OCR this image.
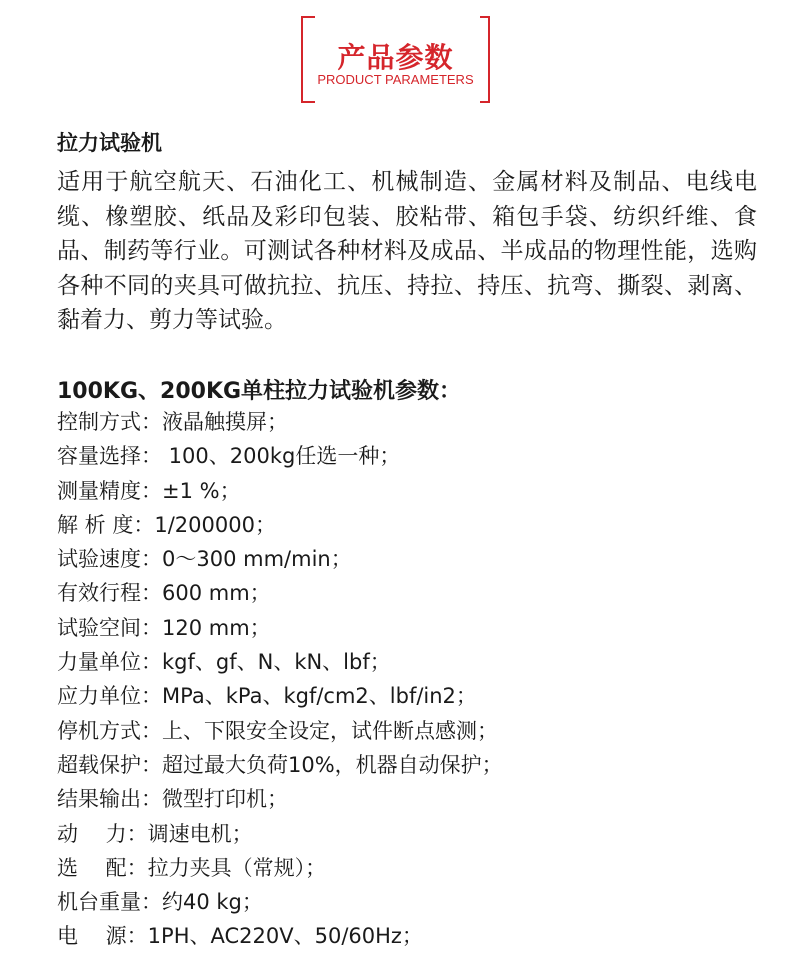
产品参数
PRODUCT PARAMETERS
拉力试验机

适用于航空航天、石油化工、机械制造、金属材料及制品、电线电缆、橡塑胶、纸品及彩印包装、胶粘带、箱包手袋、纺织纤维、食品、制药等行业。可测试各种材料及成品、半成品的物理性能，选购各种不同的夹具可做抗拉、抗压、持拉、持压、抗弯、撕裂、剥离、黏着力、剪力等试验。

100KG、200KG单柱拉力试验机参数：
控制方式：液晶触摸屏；
容量选择： 100、200kg任选一种；
测量精度：±1 %；
解 析 度：1/200000；
试验速度：0～300 mm/min；
有效行程：600 mm；
试验空间：120 mm；
力量单位：kgf、gf、N、kN、lbf；
应力单位：MPa、kPa、kgf/cm2、lbf/in2；
停机方式：上、下限安全设定，试件断点感测；
超载保护：超过最大负荷10%，机器自动保护；
结果输出：微型打印机；
动　 力：调速电机；
选　 配：拉力夹具（常规）；
机台重量：约40 kg；
电　 源：1PH、AC220V、50/60Hz；
